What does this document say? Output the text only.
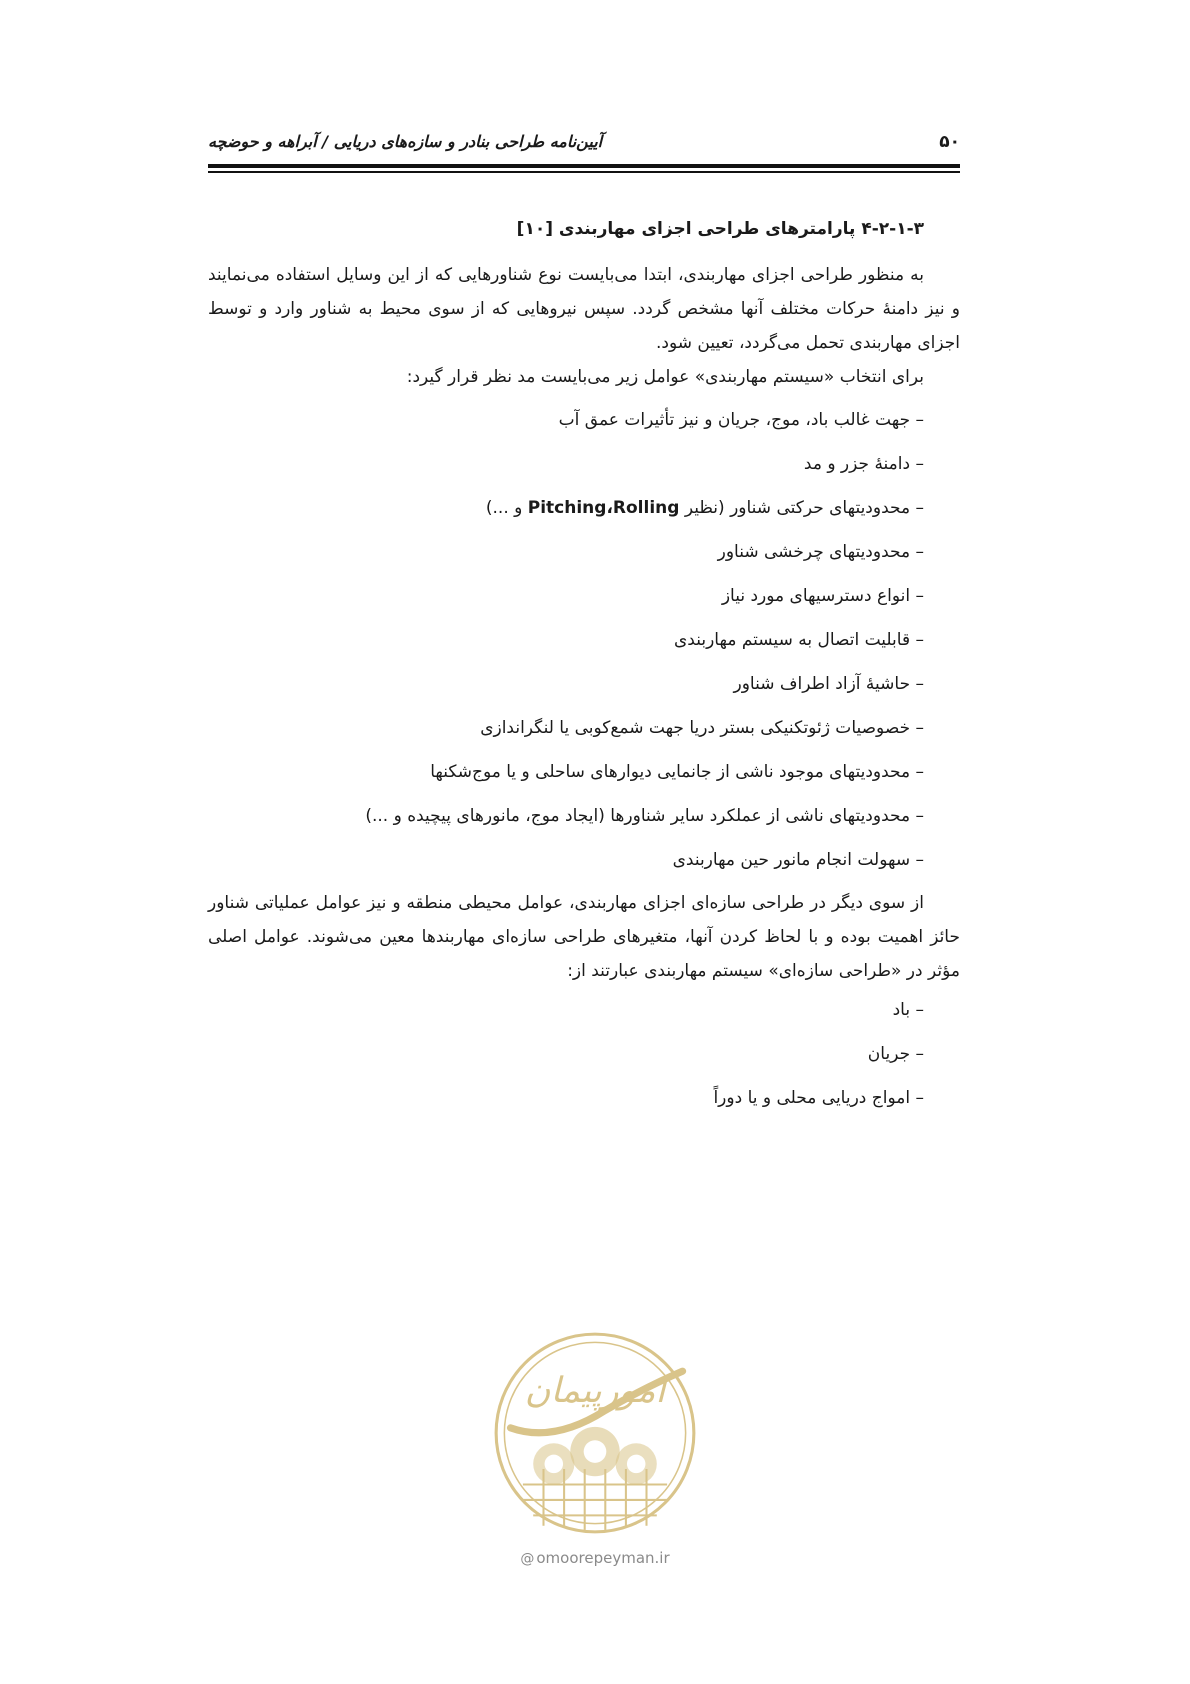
۵۰
آیین‌نامه طراحی بنادر و سازه‌های دریایی / آبراهه و حوضچه
۴-۲-۱-۳ پارامترهای طراحی اجزای مهاربندی [۱۰]

به منظور طراحی اجزای مهاربندی، ابتدا می‌بایست نوع شناورهایی که از این وسایل استفاده می‌نمایند و نیز دامنهٔ حرکات مختلف آنها مشخص گردد. سپس نیروهایی که از سوی محیط به شناور وارد و توسط اجزای مهاربندی تحمل می‌گردد، تعیین شود.

برای انتخاب «سیستم مهاربندی» عوامل زیر می‌بایست مد نظر قرار گیرد:

– جهت غالب باد، موج، جریان و نیز تأثیرات عمق آب
– دامنهٔ جزر و مد
– محدودیتهای حرکتی شناور (نظیر Pitching،Rolling و ...)
– محدودیتهای چرخشی شناور
– انواع دسترسیهای مورد نیاز
– قابلیت اتصال به سیستم مهاربندی
– حاشیهٔ آزاد اطراف شناور
– خصوصیات ژئوتکنیکی بستر دریا جهت شمع‌کوبی یا لنگراندازی
– محدودیتهای موجود ناشی از جانمایی دیوارهای ساحلی و یا موج‌شکنها
– محدودیتهای ناشی از عملکرد سایر شناورها (ایجاد موج، مانورهای پیچیده و ...)
– سهولت انجام مانور حین مهاربندی

از سوی دیگر در طراحی سازه‌ای اجزای مهاربندی، عوامل محیطی منطقه و نیز عوامل عملیاتی شناور حائز اهمیت بوده و با لحاظ کردن آنها، متغیرهای طراحی سازه‌ای مهاربندها معین می‌شوند. عوامل اصلی مؤثر در «طراحی سازه‌ای» سیستم مهاربندی عبارتند از:

– باد
– جریان
– امواج دریایی محلی و یا دوراً
امورپیمان
@ omoorepeyman.ir
